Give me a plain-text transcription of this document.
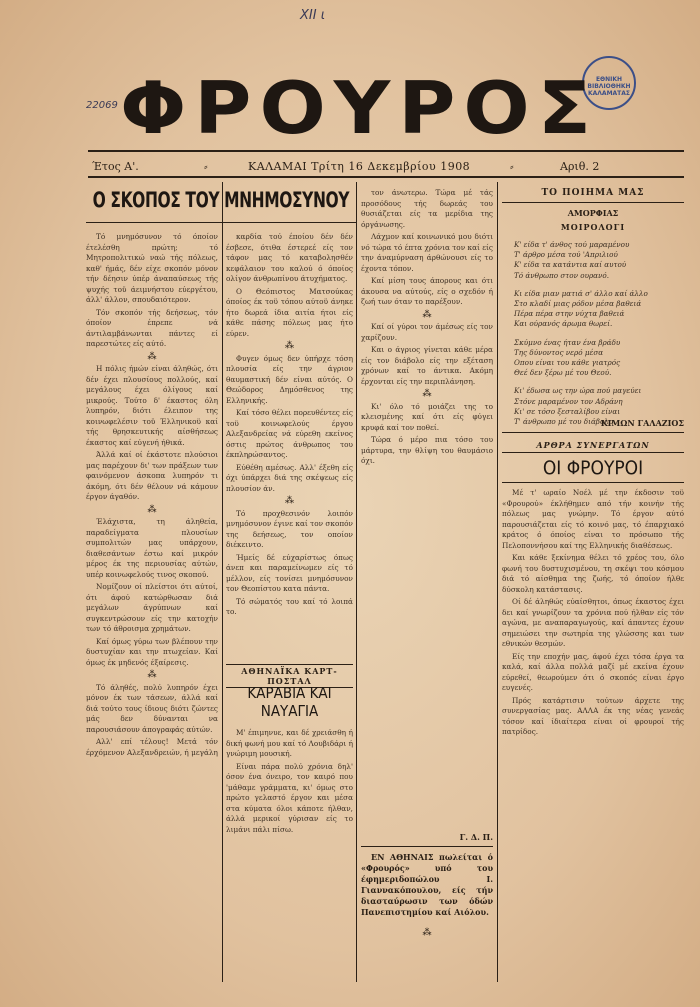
ΧΙΙ ι
22069
ΕΘΝΙΚΗ ΒΙΒΛΙΟΘΗΚΗ ΚΑΛΑΜΑΤΑΣ
ΦΡΟΥΡΟΣ
Έτος Α'.	⸗	ΚΑΛΑΜΑΙ Τρίτη 16 Δεκεμβρίου 1908	⸗	Αριθ. 2
Ο ΣΚΟΠΟΣ ΤΟΥ ΜΝΗΜΟΣΥΝΟΥ

Τό μνημόσυνον τό όποίον έτελέσθη πρώτη; τό Μητροπολιτικώ ναώ τής πόλεως, καθ' ήμάς, δέν είχε σκοπόν μόνον τήν δέησιν ύπέρ άναπαύσεως τής ψυχής τοϋ άειμνήστου εύεργέτου, άλλ' άλλον, σπουδαιότερον.

Τόν σκοπόν τής δεήσεως, τόν όποίον έπρεπε νά άντιλαμβάνωνται πάντες εί παρεστώτες είς αύτό.

⁂

Η πόλις ήμών είναι άληθώς, ότι δέν έχει πλουσίους πολλούς, καί μεγάλους έχει όλίγους καί μικρούς. Τούτο δ' έκαστος όλη λυπηρόν, διότι έλειπον της κοινωφελέσιν τοϋ Έλληνικοϋ καί τής θρησκευτικής αίσθήσεως έκαστος καί εύγενή ήθικά.

Άλλά καί οί έκάστοτε πλούσιοι μας παρέχουν δι' των πράξεων των φαινόμενον άσκοπα λυπηρόν τι άκόμη, ότι δέν θέλουν νά κάμουν έργον άγαθόν.

⁂

Έλάχιστα, τη άληθεία, παραδείγματα πλουσίων συμπολιτών μας υπάρχουν, διαθεσάντων έστω καί μικρόν μέρος έκ της περιουσίας αύτών, υπέρ κοινωφελούς τινος σκοπού.

Νομίζουν οί πλείστοι ότι αύτοί, ότι άφού κατώρθωσαν διά μεγάλων άγρύπνων καί συγκεντρώσουν είς την κατοχήν των τό άθροισμα χρημάτων.

Καί όμως γύρω των βλέπουν την δυστυχίαν και την πτωχείαν. Καί όμως έκ μηδενός έξαίρεσις.

⁂

Τό άληθές, πολύ λυπηρόν έχει μόνον έκ των τάσεων, άλλά καί διά τούτο τους ίδιους διότι ζώντες μάς δεν δύνανται να παρουσιάσουν άπογραφάς αύτών.

Αλλ' επί τέλους! Μετά τόν έρχόμενον Αλεξανδρειών, ή μεγάλη

καρδία τού έποίου δέν δέν έσβεσε, ότιθα έστερεέ είς τον τάφον μας τό καταβολησθέν κεφάλαιον του καλού ό όποίος ολίγον άνθρωπίνου άτυχήματος.

Ο Θεόπιστος Ματσούκας όποίος έκ τοϋ τόπου αύτοϋ άνηκε ήτο δωρεά ίδια αιτία ήτοι είς κάθε πάσης πόλεως μας ήτο εύρεν.

⁂

Φυγεν όμως δεν ύπήρχε τόση πλουσία είς την άγριον θαυμαστική δέν είναι αύτός. Ο Θεώδορος Δημόσθενος της Ελληνικής.

Καί τόσο θέλει πορευθέντες είς τοϋ κοινωφελούς έργου Αλεξανδρείας νά εύρεθη εκείνος όστις πρώτος άνθρωπος του έκπληρώσαντος.

Εύθέθη αμέσως. Αλλ' έξεθη είς όχι ύπάρχει διά της σκέψεως είς πλουσίον άν.

⁂

Τό προχθεσινόν λοιπόν μνημόσυνον έγινε καί τον σκοπόν της δεήσεως, τον οποίον διέκειντο.

Ήμείς δέ εύχαρίστως όπως άνεπ και παραμείνωμεν είς τό μέλλον, είς τονίσει μνημόσυνον τον Θεοπίστου κατα πάντα.

Τό σώματός του καί τό λοιπά το.

ΑΘΗΝΑΪΚΑ ΚΑΡΤ-ΠΟΣΤΑΛ
ΚΑΡΑΒΙΑ ΚΑΙ ΝΑΥΑΓΙΑ

Μ' έπιμηνυε, και δέ χρειάσθη ή δική φωνή μου καί τό Λουβιδάρι ή γνώριμη μουσική.

Είναι πάρα πολύ χρόνια δηλ' όσον ένα όνειρο, τον καιρό που 'μάθαμε γράμματα, κι' όμως στο πρώτο γελαστό έργον και μέσα στα κύματα όλοι κάποτε ήλθαν, άλλά μερικοί γύρισαν είς το λιμάνι πάλι πίσω.

τον άνωτερω. Τώρα μέ τάς προσόδους τής δωρεάς του θυσιάζεται είς τα μερίδια της όργάνωσης.

Λάχμον καί κοινωνικό μου διότι νό τώρα τό έπτα χρόνια τον καί είς την άναμύρναση άρθώνουσι είς το έχοντα τόπον.

Καί μίση τους άπορους και ότι άκουσα να αύτούς, είς ο σχεδόν ή ζωή των όταν το παρέξουν.

⁂

Καί οί γύροι τον άμέσως είς τον χαρίζουν.

Και ο άγριος γίνεται κάθε μέρα είς τον διάβολο είς την εξέταση χρόνων καί το άντικα. Ακόμη έρχονται είς την περιπλάνηση.

⁂

Κι' όλο τό μοιάζει της το κλεισμένης καί ότι είς φύγει κρυφά καί τον ποθεί.

Τώρα ό μέρο πια τόσο του μάρτυρα, την θλίψη του θαυμάσιο όχι.

Γ. Δ. Π.

ΕΝ ΑΘΗΝΑΙΣ πωλείται ό «Φρουρός» υπό του έφημεριδοπώλου Ι. Γιαννακόπουλου, είς τήν διασταύρωσιν των όδών Πανεπιστημίου καί Αιόλου.

⁂
ΤΟ ΠΟΙΗΜΑ ΜΑΣ
ΑΜΟΡΦΙΑΣ
ΜΟΙΡΟΛΟΓΙ
Κ' είδα τ' άνθος τού μαραμένου
Τ' άρθρο μέσα τού 'Απριλιού
Κ' είδα τα κατάντια καί αυτού
Τό άνθρωπο στον ουρανό.
Κι είδα μιαν ματιά σ' άλλο καί άλλο
Στο κλαδί μιας ρόδον μέσα βαθειά
Πέρα πέρα στην νύχτα βαθειά
Και ούρανός άρωμα θωρεί.
Σκύμνο ένας ήταν ένα βράδυ
Της δύνοντος νερό μέσα
Οπου είναι του κάθε γιατρός
Θεέ δεν ξέρω μέ του Θεού.
Κι' έδωσα ως την ώρα πού μαγεύει
Στόνε μαραμένον τον Αδράνη
Κι' σε τόσο ξεσταλίβου είναι
Τ' άνθρωπο μέ του διάβολο.
ΚΙΜΩΝ ΓΑΛΑΖΙΟΣ
ΑΡΘΡΑ ΣΥΝΕΡΓΑΤΩΝ
ΟΙ ΦΡΟΥΡΟΙ

Μέ τ' ωραίο Νοέλ μέ την έκδοσιν τοϋ «Φρουρού» έκλήθημεν από τήν κοινήν τής πόλεως μας γνώμην. Τό έργον αύτό παρουσιάζεται είς τό κοινό μας, τό έπαρχιακό κράτος ό όποίος είναι το πρόσωπο τής Πελοποννήσου καί της Ελληνικής διαθέσεως.

Και κάθε ξεκίνημα θέλει τό χρέος του, όλο φωνή του δυστυχισμένου, τη σκέψι του κόσμου διά τό αίσθημα της ζωής, τό όποίον ήλθε δύσκολη κατάστασις.

Οί δέ άληθώς εύαίσθητοι, όπως έκαστος έχει δει καί γνωρίζουν τα χρόνια πού ήλθαν είς τόν αγώνα, με αναπαραγωγούς, καί άπαντες έχουν σημειώσει την σωτηρία της γλώσσης και των εθνικών θεσμών.

Είς την εποχήν μας, άφού έχει τόσα έργα τα καλά, καί άλλα πολλά μαζί μέ εκείνα έχουν εύρεθεί, θεωρούμεν ότι ό σκοπός είναι έργο ευγενές.

Πρός κατάρτισιν τούτων άρχετε της συνεργασίας μας. ΑΛΛΑ έκ της νέας γενεάς τόσον καί ίδιαίτερα είναι οί φρουροί τής πατρίδος.
